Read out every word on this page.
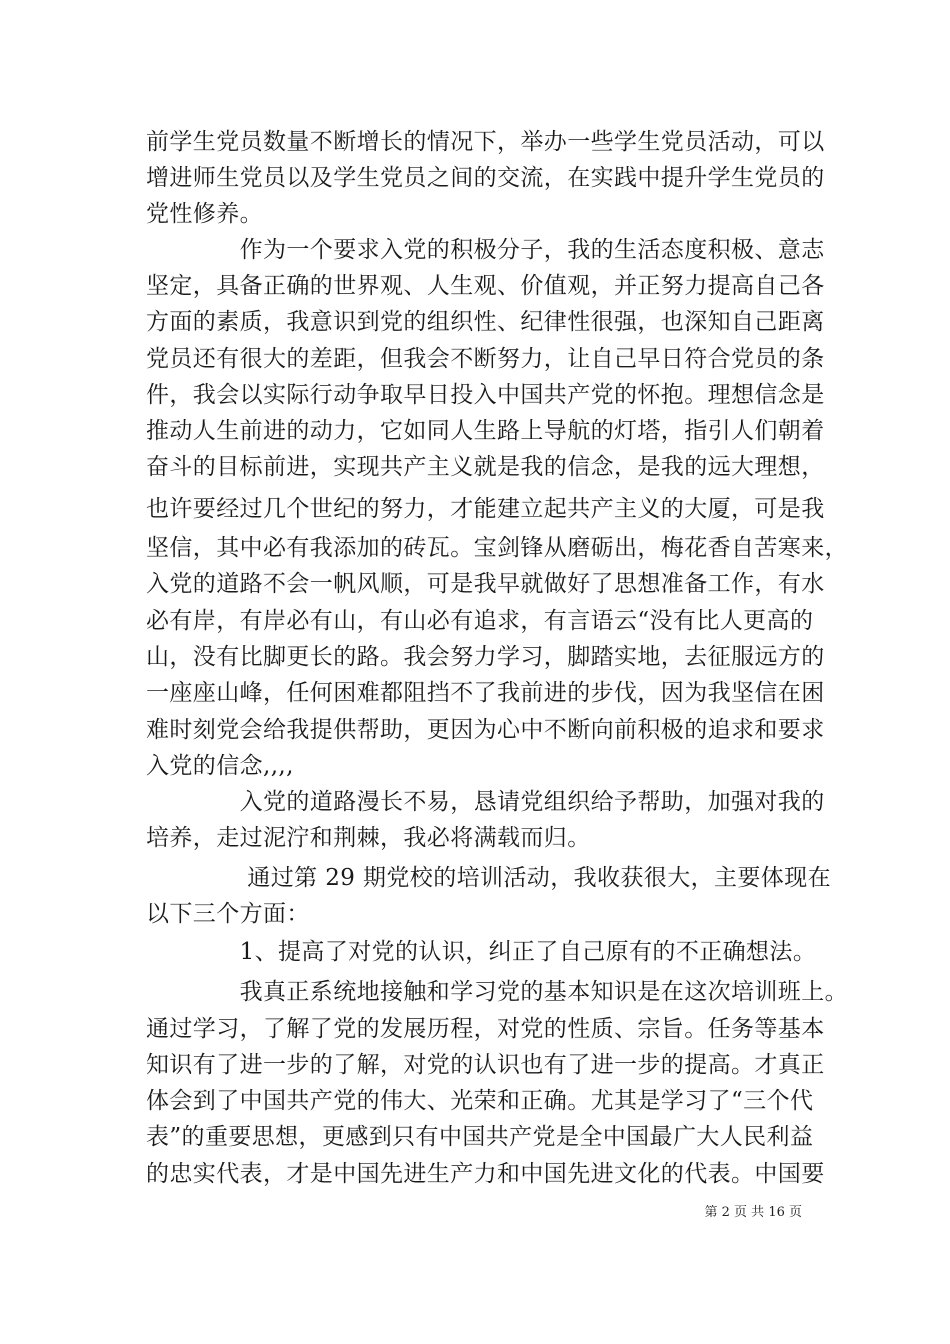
前学生党员数量不断增长的情况下，举办一些学生党员活动，可以
增进师生党员以及学生党员之间的交流，在实践中提升学生党员的
党性修养。
　　　　作为一个要求入党的积极分子，我的生活态度积极、意志
坚定，具备正确的世界观、人生观、价值观，并正努力提高自己各
方面的素质，我意识到党的组织性、纪律性很强，也深知自己距离
党员还有很大的差距，但我会不断努力，让自己早日符合党员的条
件，我会以实际行动争取早日投入中国共产党的怀抱。理想信念是
推动人生前进的动力，它如同人生路上导航的灯塔，指引人们朝着
奋斗的目标前进，实现共产主义就是我的信念，是我的远大理想，
也许要经过几个世纪的努力，才能建立起共产主义的大厦，可是我
坚信，其中必有我添加的砖瓦。宝剑锋从磨砺出，梅花香自苦寒来，
入党的道路不会一帆风顺，可是我早就做好了思想准备工作，有水
必有岸，有岸必有山，有山必有追求，有言语云“没有比人更高的
山，没有比脚更长的路。我会努力学习，脚踏实地，去征服远方的
一座座山峰，任何困难都阻挡不了我前进的步伐，因为我坚信在困
难时刻党会给我提供帮助，更因为心中不断向前积极的追求和要求
入党的信念,,,,
　　　　入党的道路漫长不易，恳请党组织给予帮助，加强对我的
培养，走过泥泞和荆棘，我必将满载而归。
　　　　 通过第 29 期党校的培训活动，我收获很大，主要体现在
以下三个方面：
　　　　1、提高了对党的认识，纠正了自己原有的不正确想法。
　　　　我真正系统地接触和学习党的基本知识是在这次培训班上。
通过学习，了解了党的发展历程，对党的性质、宗旨。任务等基本
知识有了进一步的了解，对党的认识也有了进一步的提高。才真正
体会到了中国共产党的伟大、光荣和正确。尤其是学习了“三个代
表”的重要思想，更感到只有中国共产党是全中国最广大人民利益
的忠实代表，才是中国先进生产力和中国先进文化的代表。中国要
第 2 页 共 16 页
